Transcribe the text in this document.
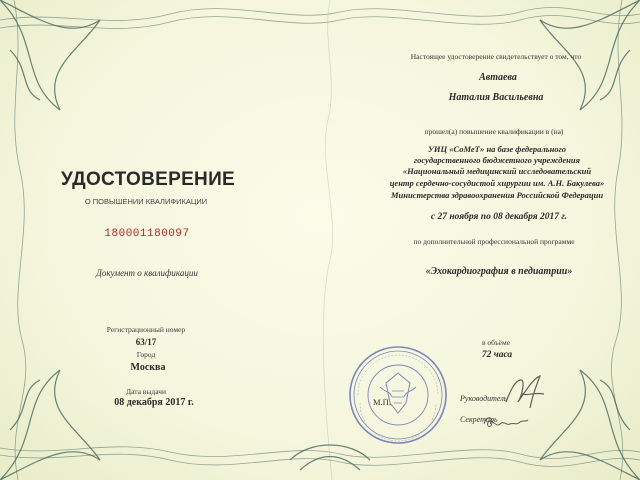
УДОСТОВЕРЕНИЕ
О ПОВЫШЕНИИ КВАЛИФИКАЦИИ
180001180097
Документ о квалификации
Регистрационный номер
63/17
Город
Москва
Дата выдачи
08 декабря 2017 г.
Настоящее удостоверение свидетельствует о том, что
Автаева
Наталия Васильевна
прошел(а) повышение квалификации в (на)
УИЦ «СоМеТ» на базе федерального
государственного бюджетного учреждения
«Национальный медицинский исследовательский
центр сердечно-сосудистой хирургии им. А.Н. Бакулева»
Министерства здравоохранения Российской Федерации
с 27 ноября по 08 декабря 2017 г.
по дополнительной профессиональной программе
«Эхокардиография в педиатрии»
в объёме
72 часа
Руководитель
Секретарь
М.П.
